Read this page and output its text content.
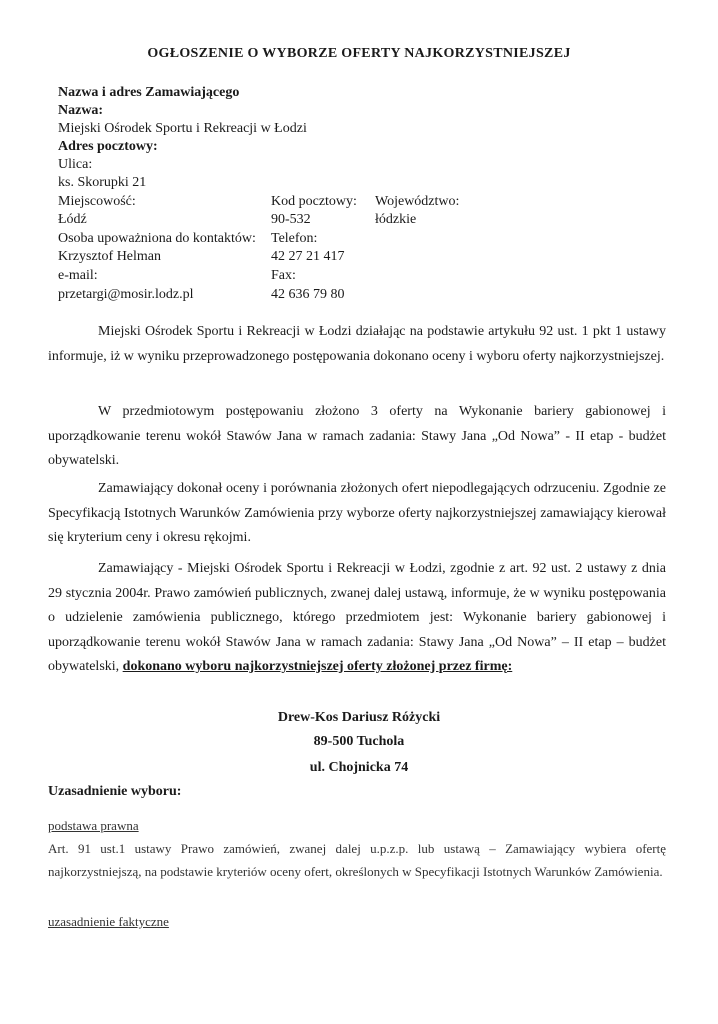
OGŁOSZENIE O WYBORZE OFERTY NAJKORZYSTNIEJSZEJ
Nazwa i adres Zamawiającego
Nazwa:
Miejski Ośrodek Sportu i Rekreacji w Łodzi
Adres pocztowy:
Ulica:
ks. Skorupki 21
Miejscowość:	Kod pocztowy: Województwo:
Łódź	90-532	łódzkie
Osoba upoważniona do kontaktów: Telefon:
Krzysztof Helman	42 27 21 417
e-mail:	Fax:
przetargi@mosir.lodz.pl	42 636 79 80
Miejski Ośrodek Sportu i Rekreacji w Łodzi działając na podstawie artykułu 92 ust. 1 pkt 1 ustawy informuje, iż w wyniku przeprowadzonego postępowania dokonano oceny i wyboru oferty najkorzystniejszej.
W przedmiotowym postępowaniu złożono 3 oferty na Wykonanie bariery gabionowej i uporządkowanie terenu wokół Stawów Jana w ramach zadania: Stawy Jana „Od Nowa” - II etap - budżet obywatelski.
Zamawiający dokonał oceny i porównania złożonych ofert niepodlegających odrzuceniu. Zgodnie ze Specyfikacją Istotnych Warunków Zamówienia przy wyborze oferty najkorzystniejszej zamawiający kierował się kryterium ceny i okresu rękojmi.
Zamawiający - Miejski Ośrodek Sportu i Rekreacji w Łodzi, zgodnie z art. 92 ust. 2 ustawy z dnia 29 stycznia 2004r. Prawo zamówień publicznych, zwanej dalej ustawą, informuje, że w wyniku postępowania o udzielenie zamówienia publicznego, którego przedmiotem jest: Wykonanie bariery gabionowej i uporządkowanie terenu wokół Stawów Jana w ramach zadania: Stawy Jana „Od Nowa” – II etap – budżet obywatelski, dokonano wyboru najkorzystniejszej oferty złożonej przez firmę:
Drew-Kos Dariusz Różycki
89-500 Tuchola
ul. Chojnicka 74
Uzasadnienie wyboru:
podstawa prawna
Art. 91 ust.1 ustawy Prawo zamówień, zwanej dalej u.p.z.p. lub ustawą – Zamawiający wybiera ofertę najkorzystniejszą, na podstawie kryteriów oceny ofert, określonych w Specyfikacji Istotnych Warunków Zamówienia.
uzasadnienie faktyczne
